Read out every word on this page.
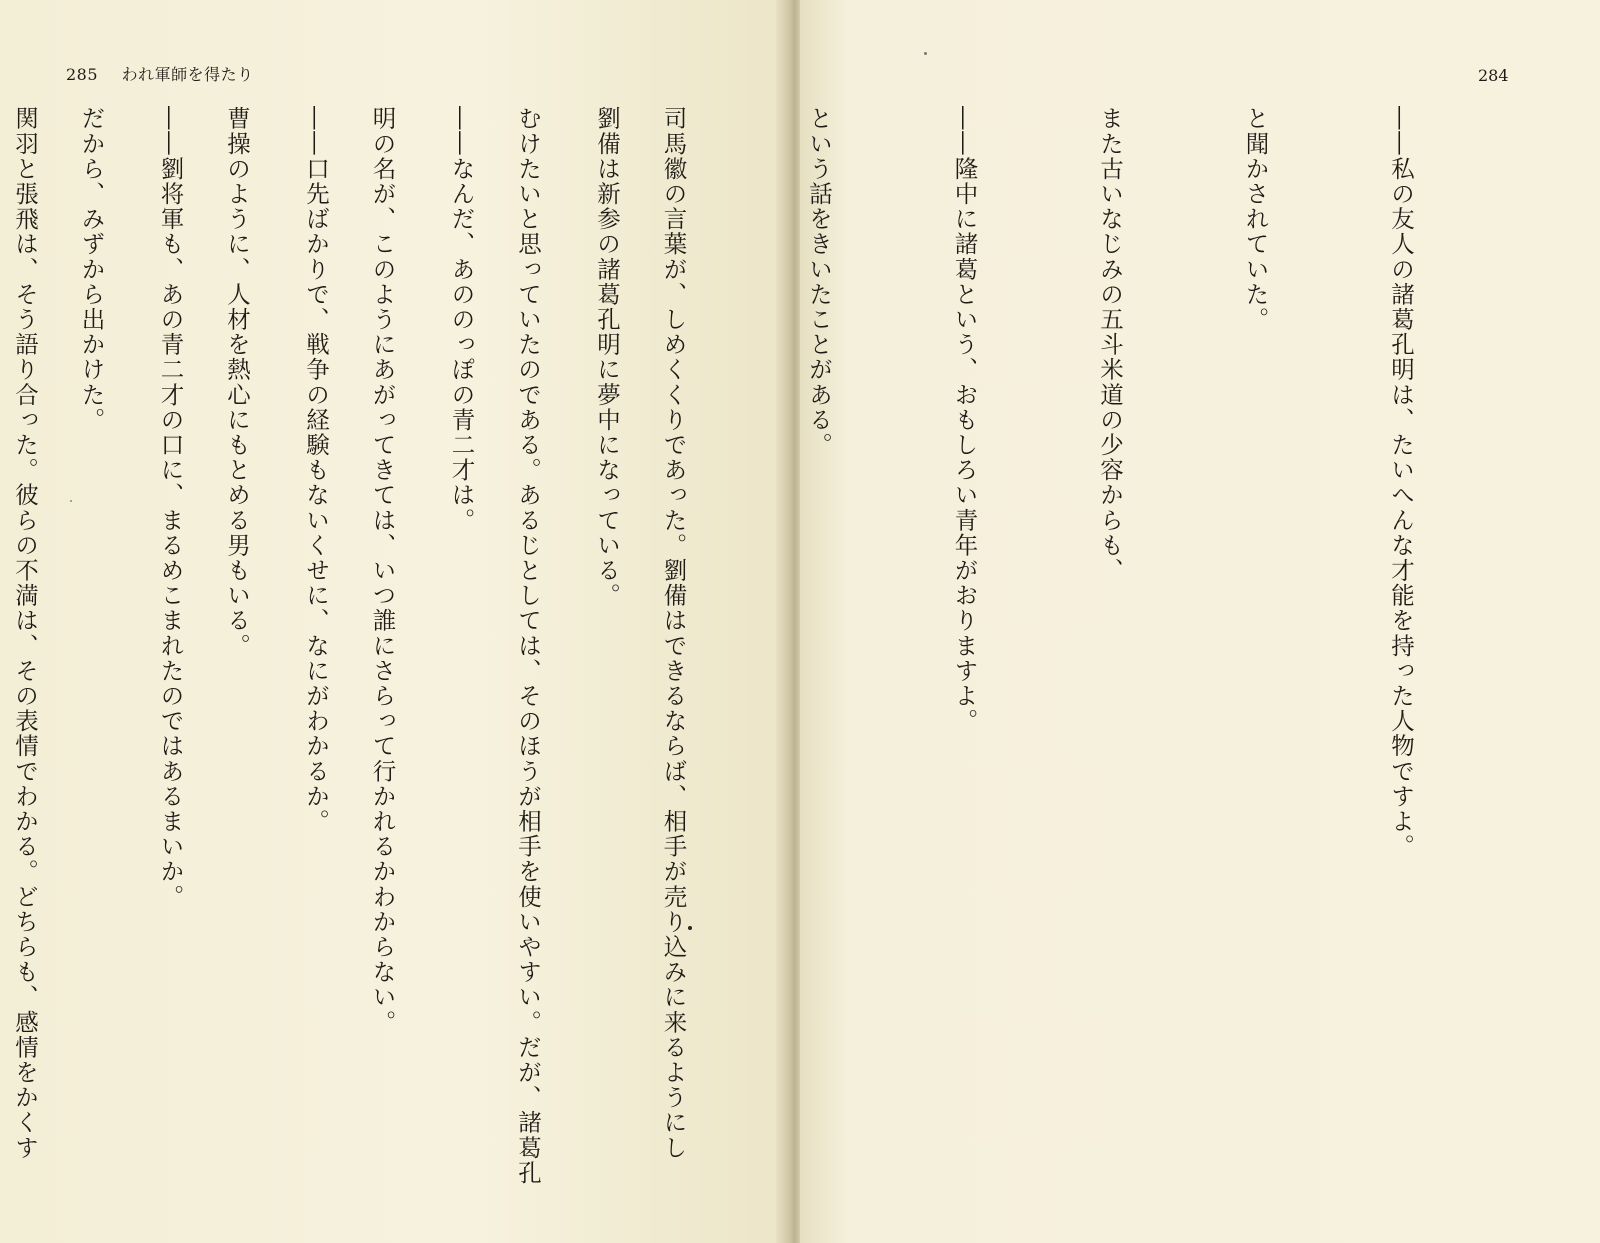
285 われ軍師を得たり

劉備は新参の諸葛孔明に夢中になっている。

――なんだ、あののっぽの青二才は。

――口先ばかりで、戦争の経験もないくせに、なにがわかるか。

――劉将軍も、あの青二才の口に、まるめこまれたのではあるまいか。

関羽と張飛は、そう語り合った。彼らの不満は、その表情でわかる。どちらも、感情をかくす

284

――私の友人の諸葛孔明は、たいへんな才能を持った人物ですよ。

と聞かされていた。

また古いなじみの五斗米道の少容からも、

――隆中に諸葛という、おもしろい青年がおりますよ。

という話をきいたことがある。

司馬徽の言葉が、しめくくりであった。劉備はできるならば、相手が売り込みに来るようにし

むけたいと思っていたのである。あるじとしては、そのほうが相手を使いやすい。だが、諸葛孔

明の名が、このようにあがってきては、いつ誰にさらって行かれるかわからない。

曹操のように、人材を熱心にもとめる男もいる。

だから、みずから出かけた。
